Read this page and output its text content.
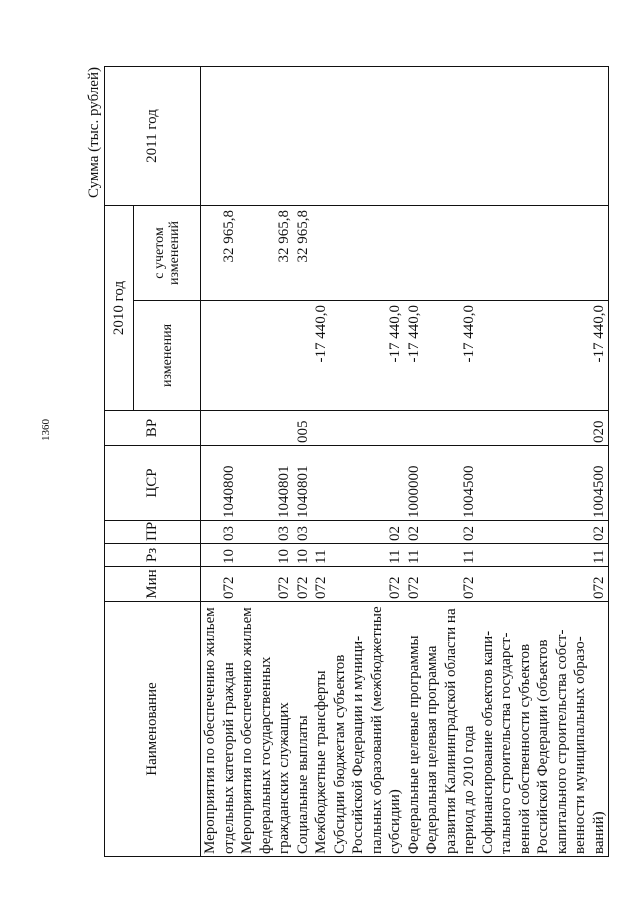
1360
Сумма (тыс. рублей)
Наименование	Мин	Рз	ПР	ЦСР	ВР	2010 год		2011 год
						изменения	с учетом изменений	
Мероприятия по обеспечению жильем отдельных категорий граждан	072	10	03	1040800			32 965,8	
Мероприятия по обеспечению жильем федеральных государственных гражданских служащих	072	10	03	1040801			32 965,8	
Социальные выплаты	072	10	03	1040801	005		32 965,8	
Межбюджетные трансферты	072	11				-17 440,0		
Субсидии бюджетам субъектов Российской Федерации и муниципальных образований (межбюджетные субсидии)	072	11	02			-17 440,0		
Федеральные целевые программы	072	11	02	1000000		-17 440,0		
Федеральная целевая программа развития Калининградской области на период до 2010 года	072	11	02	1004500		-17 440,0		
Софинансирование объектов капитального строительства государственной собственности субъектов Российской Федерации (объектов капитального строительства собственности муниципальных образований)	072	11	02	1004500	020	-17 440,0		
